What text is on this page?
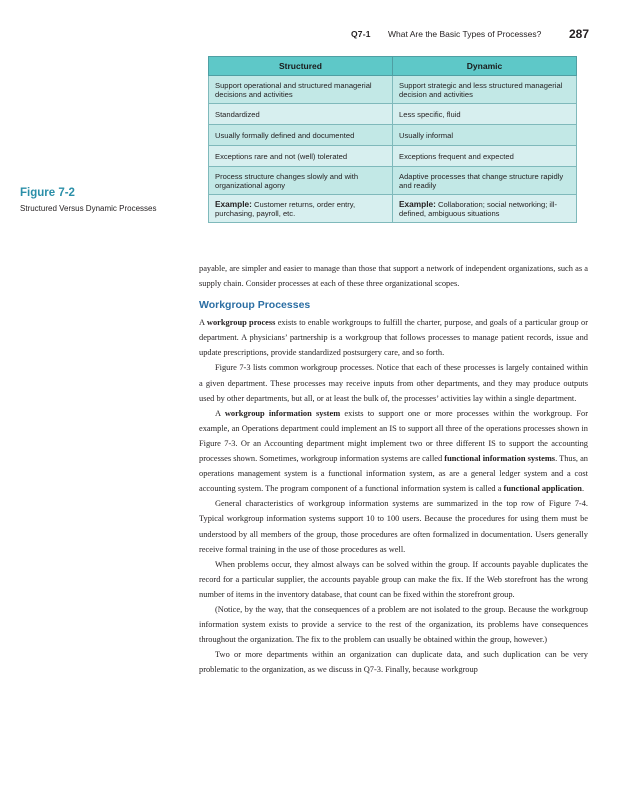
Q7-1 What Are the Basic Types of Processes? 287
Figure 7-2
Structured Versus Dynamic Processes
Structured	Dynamic
Support operational and structured managerial decisions and activities	Support strategic and less structured managerial decision and activities
Standardized	Less specific, fluid
Usually formally defined and documented	Usually informal
Exceptions rare and not (well) tolerated	Exceptions frequent and expected
Process structure changes slowly and with organizational agony	Adaptive processes that change structure rapidly and readily
Example: Customer returns, order entry, purchasing, payroll, etc.	Example: Collaboration; social networking; ill-defined, ambiguous situations

payable, are simpler and easier to manage than those that support a network of independent organizations, such as a supply chain. Consider processes at each of these three organizational scopes.

Workgroup Processes

A workgroup process exists to enable workgroups to fulfill the charter, purpose, and goals of a particular group or department. A physicians’ partnership is a workgroup that follows processes to manage patient records, issue and update prescriptions, provide standardized postsurgery care, and so forth.

Figure 7-3 lists common workgroup processes. Notice that each of these processes is largely contained within a given department. These processes may receive inputs from other departments, and they may produce outputs used by other departments, but all, or at least the bulk of, the processes’ activities lay within a single department.

A workgroup information system exists to support one or more processes within the workgroup. For example, an Operations department could implement an IS to support all three of the operations processes shown in Figure 7-3. Or an Accounting department might implement two or three different IS to support the accounting processes shown. Sometimes, workgroup information systems are called functional information systems. Thus, an operations management system is a functional information system, as are a general ledger system and a cost accounting system. The program component of a functional information system is called a functional application.

General characteristics of workgroup information systems are summarized in the top row of Figure 7-4. Typical workgroup information systems support 10 to 100 users. Because the procedures for using them must be understood by all members of the group, those procedures are often formalized in documentation. Users generally receive formal training in the use of those procedures as well.

When problems occur, they almost always can be solved within the group. If accounts payable duplicates the record for a particular supplier, the accounts payable group can make the fix. If the Web storefront has the wrong number of items in the inventory database, that count can be fixed within the storefront group.

(Notice, by the way, that the consequences of a problem are not isolated to the group. Because the workgroup information system exists to provide a service to the rest of the organization, its problems have consequences throughout the organization. The fix to the problem can usually be obtained within the group, however.)

Two or more departments within an organization can duplicate data, and such duplication can be very problematic to the organization, as we discuss in Q7-3. Finally, because workgroup
